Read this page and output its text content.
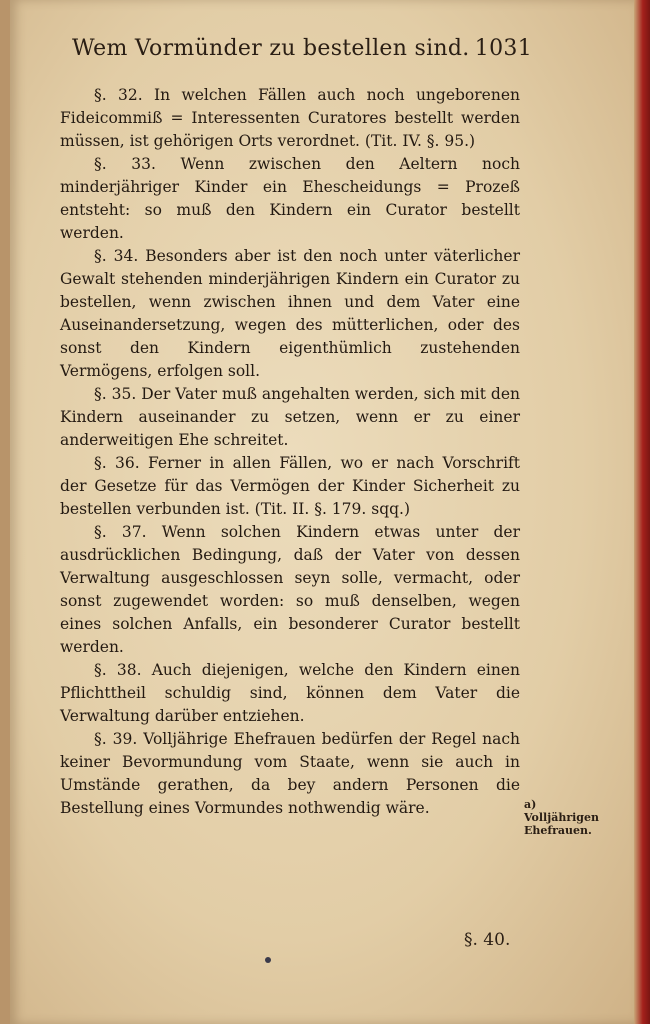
Wem Vormünder zu bestellen sind. 1031

§. 32. In welchen Fällen auch noch ungeborenen Fideicommiß = Interessenten Curatores bestellt werden müssen, ist gehörigen Orts verordnet. (Tit. IV. §. 95.)

§. 33. Wenn zwischen den Aeltern noch minderjähriger Kinder ein Ehescheidungs = Prozeß entsteht: so muß den Kindern ein Curator bestellt werden.

§. 34. Besonders aber ist den noch unter väterlicher Gewalt stehenden minderjährigen Kindern ein Curator zu bestellen, wenn zwischen ihnen und dem Vater eine Auseinandersetzung, wegen des mütterlichen, oder des sonst den Kindern eigenthümlich zustehenden Vermögens, erfolgen soll.

§. 35. Der Vater muß angehalten werden, sich mit den Kindern auseinander zu setzen, wenn er zu einer anderweitigen Ehe schreitet.

§. 36. Ferner in allen Fällen, wo er nach Vorschrift der Gesetze für das Vermögen der Kinder Sicherheit zu bestellen verbunden ist. (Tit. II. §. 179. sqq.)

§. 37. Wenn solchen Kindern etwas unter der ausdrücklichen Bedingung, daß der Vater von dessen Verwaltung ausgeschlossen seyn solle, vermacht, oder sonst zugewendet worden: so muß denselben, wegen eines solchen Anfalls, ein besonderer Curator bestellt werden.

§. 38. Auch diejenigen, welche den Kindern einen Pflichttheil schuldig sind, können dem Vater die Verwaltung darüber entziehen.

§. 39. Volljährige Ehefrauen bedürfen der Regel nach keiner Bevormundung vom Staate, wenn sie auch in Umstände gerathen, da bey andern Personen die Bestellung eines Vormundes nothwendig wäre.	a) Volljährigen Ehefrauen.
§. 40.
